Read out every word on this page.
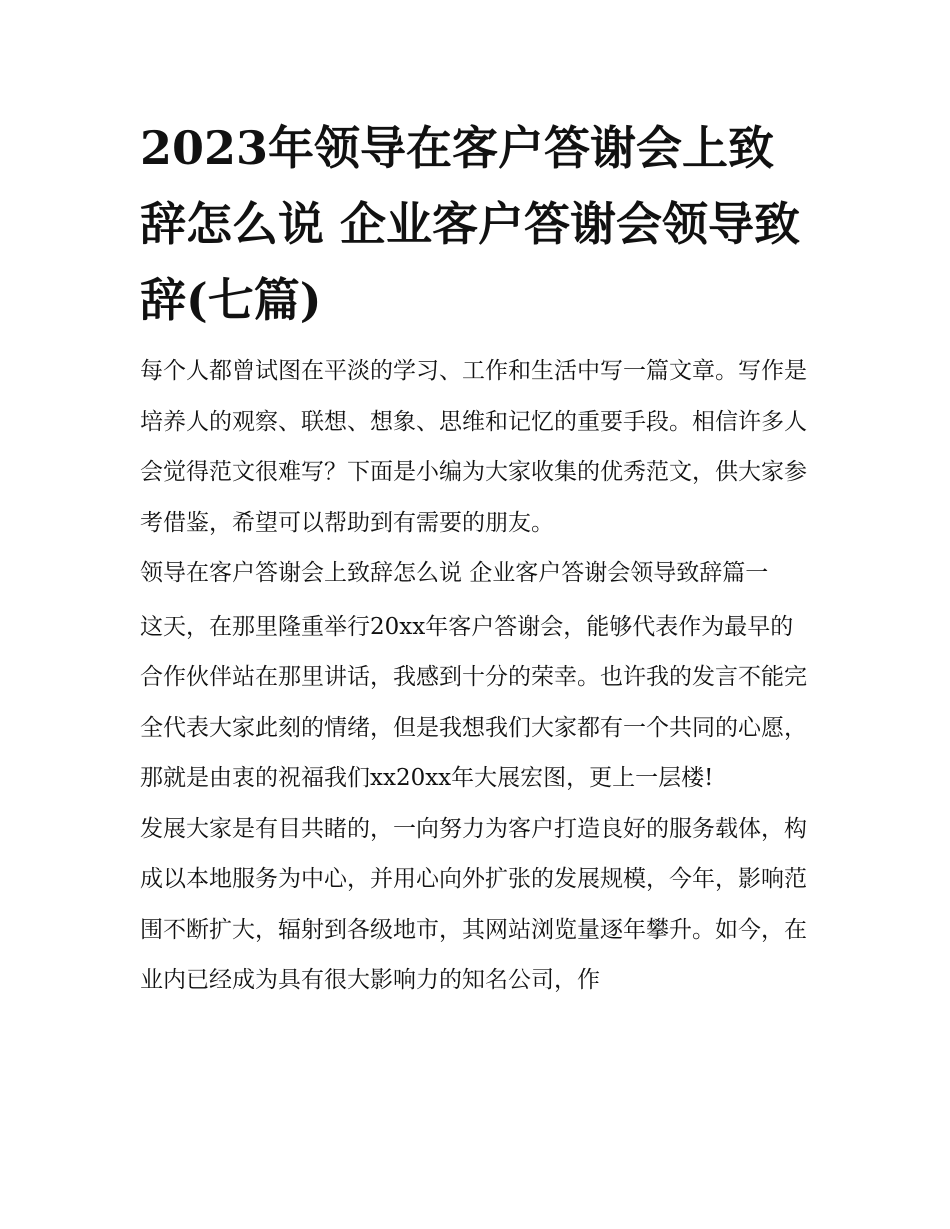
2023年领导在客户答谢会上致辞怎么说 企业客户答谢会领导致辞(七篇)

每个人都曾试图在平淡的学习、工作和生活中写一篇文章。写作是培养人的观察、联想、想象、思维和记忆的重要手段。相信许多人会觉得范文很难写？下面是小编为大家收集的优秀范文，供大家参考借鉴，希望可以帮助到有需要的朋友。

领导在客户答谢会上致辞怎么说 企业客户答谢会领导致辞篇一

这天，在那里隆重举行20xx年客户答谢会，能够代表作为最早的合作伙伴站在那里讲话，我感到十分的荣幸。也许我的发言不能完全代表大家此刻的情绪，但是我想我们大家都有一个共同的心愿，那就是由衷的祝福我们xx20xx年大展宏图，更上一层楼!

发展大家是有目共睹的，一向努力为客户打造良好的服务载体，构成以本地服务为中心，并用心向外扩张的发展规模，今年，影响范围不断扩大，辐射到各级地市，其网站浏览量逐年攀升。如今，在业内已经成为具有很大影响力的知名公司，作
